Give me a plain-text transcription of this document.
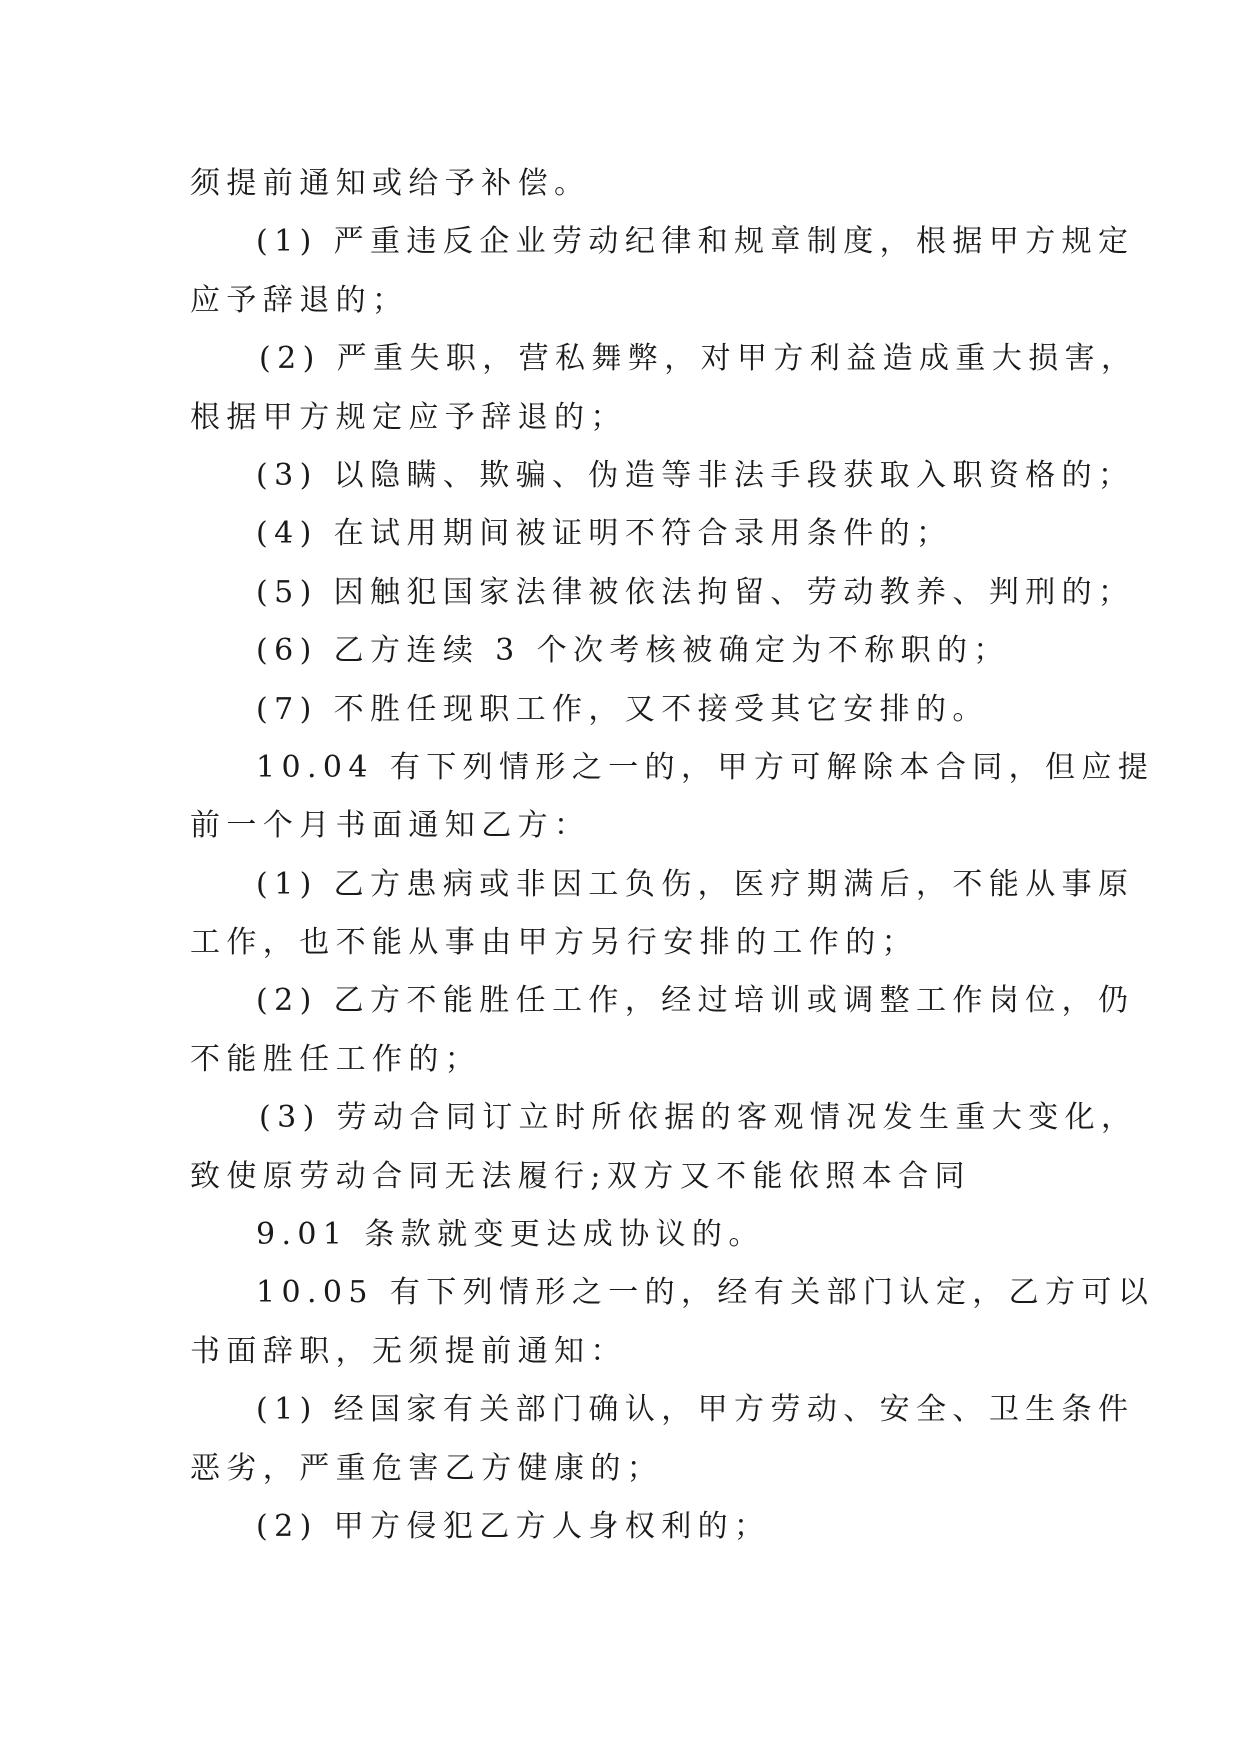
须提前通知或给予补偿。
(1) 严重违反企业劳动纪律和规章制度，根据甲方规定
应予辞退的；
(2) 严重失职，营私舞弊，对甲方利益造成重大损害，
根据甲方规定应予辞退的；
(3) 以隐瞒、欺骗、伪造等非法手段获取入职资格的；
(4) 在试用期间被证明不符合录用条件的；
(5) 因触犯国家法律被依法拘留、劳动教养、判刑的；
(6) 乙方连续 3 个次考核被确定为不称职的；
(7) 不胜任现职工作，又不接受其它安排的。
10.04 有下列情形之一的，甲方可解除本合同，但应提
前一个月书面通知乙方：
(1) 乙方患病或非因工负伤，医疗期满后，不能从事原
工作，也不能从事由甲方另行安排的工作的；
(2) 乙方不能胜任工作，经过培训或调整工作岗位，仍
不能胜任工作的；
(3) 劳动合同订立时所依据的客观情况发生重大变化，
致使原劳动合同无法履行;双方又不能依照本合同
9.01 条款就变更达成协议的。
10.05 有下列情形之一的，经有关部门认定，乙方可以
书面辞职，无须提前通知：
(1) 经国家有关部门确认，甲方劳动、安全、卫生条件
恶劣，严重危害乙方健康的；
(2) 甲方侵犯乙方人身权利的；
